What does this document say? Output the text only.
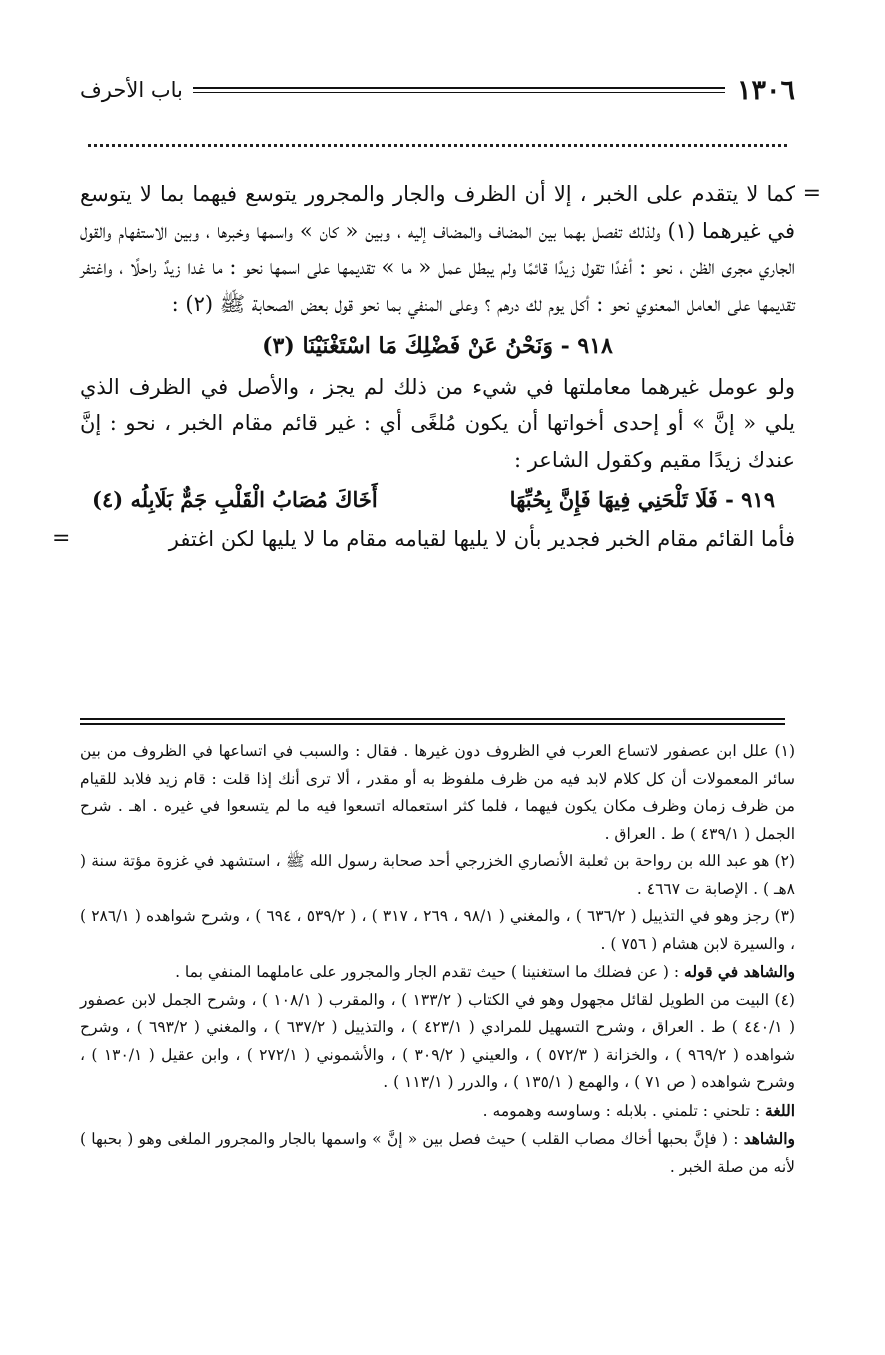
١٣٠٦
باب الأحرف
=

كما لا يتقدم على الخبر ، إلا أن الظرف والجار والمجرور يتوسع فيهما بما لا يتوسع في غيرهما (١) ولذلك تفصل بهما بين المضاف والمضاف إليه ، وبين « كان » واسمها وخبرها ، وبين الاستفهام والقول الجاري مجرى الظن ، نحو : أغدًا تقول زيدًا قائمًا ولم يبطل عمل « ما » تقديمها على اسمها نحو : ما غدا زيدٌ راحلًا ، واغتفر تقديمها على العامل المعنوي نحو : أكل يوم لك درهم ؟ وعلى المنفي بما نحو قول بعض الصحابة ﷺ (٢) :

٩١٨ - وَنَحْنُ عَنْ فَضْلِكَ مَا اسْتَغْنَيْنَا (٣)

ولو عومل غيرهما معاملتها في شيء من ذلك لم يجز ، والأصل في الظرف الذي يلي « إنَّ » أو إحدى أخواتها أن يكون مُلغًى أي : غير قائم مقام الخبر ، نحو : إنَّ عندك زيدًا مقيم وكقول الشاعر :

٩١٩ - فَلَا تَلْحَنِي فِيهَا فَإِنَّ بِحُبِّهَا
أَخَاكَ مُصَابُ الْقَلْبِ جَمٌّ بَلَابِلُه (٤)

فأما القائم مقام الخبر فجدير بأن لا يليها لقيامه مقام ما لا يليها لكن اغتفر
=

(١) علل ابن عصفور لاتساع العرب في الظروف دون غيرها . فقال : والسبب في اتساعها في الظروف من بين سائر المعمولات أن كل كلام لابد فيه من ظرف ملفوظ به أو مقدر ، ألا ترى أنك إذا قلت : قام زيد فلابد للقيام من ظرف زمان وظرف مكان يكون فيهما ، فلما كثر استعماله اتسعوا فيه ما لم يتسعوا في غيره . اهـ . شرح الجمل ( ٤٣٩/١ ) ط . العراق .

(٢) هو عبد الله بن رواحة بن ثعلبة الأنصاري الخزرجي أحد صحابة رسول الله ﷺ ، استشهد في غزوة مؤتة سنة ( ٨هـ ) . الإصابة ت ٤٦٦٧ .

(٣) رجز وهو في التذييل ( ٦٣٦/٢ ) ، والمغني ( ٩٨/١ ، ٢٦٩ ، ٣١٧ ) ، ( ٥٣٩/٢ ، ٦٩٤ ) ، وشرح شواهده ( ٢٨٦/١ ) ، والسيرة لابن هشام ( ٧٥٦ ) .

والشاهد في قوله : ( عن فضلك ما استغنينا ) حيث تقدم الجار والمجرور على عاملهما المنفي بما .

(٤) البيت من الطويل لقائل مجهول وهو في الكتاب ( ١٣٣/٢ ) ، والمقرب ( ١٠٨/١ ) ، وشرح الجمل لابن عصفور ( ٤٤٠/١ ) ط . العراق ، وشرح التسهيل للمرادي ( ٤٢٣/١ ) ، والتذييل ( ٦٣٧/٢ ) ، والمغني ( ٦٩٣/٢ ) ، وشرح شواهده ( ٩٦٩/٢ ) ، والخزانة ( ٥٧٢/٣ ) ، والعيني ( ٣٠٩/٢ ) ، والأشموني ( ٢٧٢/١ ) ، وابن عقيل ( ١٣٠/١ ) ، وشرح شواهده ( ص ٧١ ) ، والهمع ( ١٣٥/١ ) ، والدرر ( ١١٣/١ ) .

اللغة : تلحني : تلمني . بلابله : وساوسه وهمومه .

والشاهد : ( فإنَّ بحبها أخاك مصاب القلب ) حيث فصل بين « إنَّ » واسمها بالجار والمجرور الملغى وهو ( بحبها ) لأنه من صلة الخبر .
